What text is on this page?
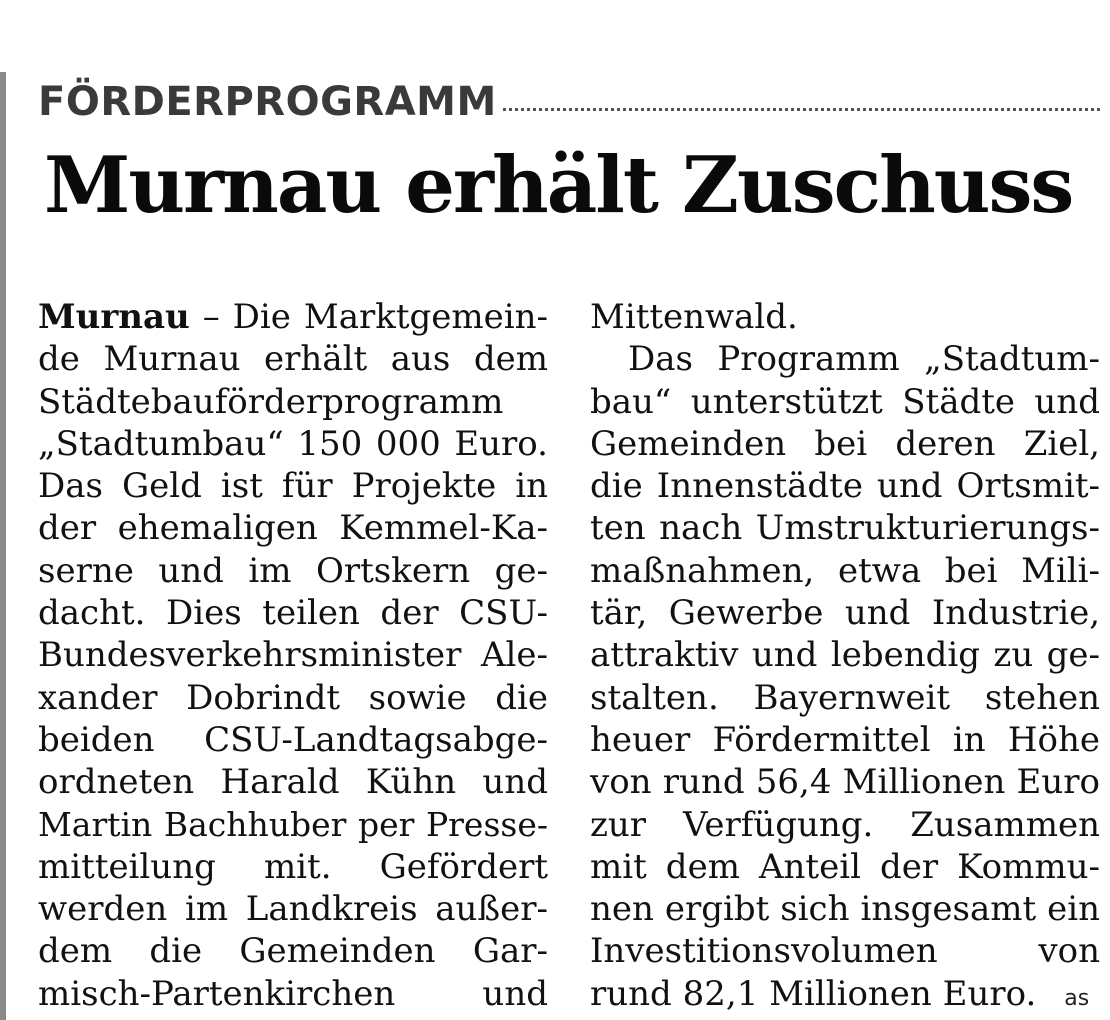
FÖRDERPROGRAMM
Murnau erhält Zuschuss
Murnau – Die Marktgemein-
de Murnau erhält aus dem
Städtebauförderprogramm
„Stadtumbau“ 150 000 Euro.
Das Geld ist für Projekte in
der ehemaligen Kemmel-Ka-
serne und im Ortskern ge-
dacht. Dies teilen der CSU-
Bundesverkehrsminister Ale-
xander Dobrindt sowie die
beiden CSU-Landtagsabge-
ordneten Harald Kühn und
Martin Bachhuber per Presse-
mitteilung mit. Gefördert
werden im Landkreis außer-
dem die Gemeinden Gar-
misch-Partenkirchen und
Mittenwald.
Das Programm „Stadtum-
bau“ unterstützt Städte und
Gemeinden bei deren Ziel,
die Innenstädte und Ortsmit-
ten nach Umstrukturierungs-
maßnahmen, etwa bei Mili-
tär, Gewerbe und Industrie,
attraktiv und lebendig zu ge-
stalten. Bayernweit stehen
heuer Fördermittel in Höhe
von rund 56,4 Millionen Euro
zur Verfügung. Zusammen
mit dem Anteil der Kommu-
nen ergibt sich insgesamt ein
Investitionsvolumen von
rund 82,1 Millionen Euro. as
